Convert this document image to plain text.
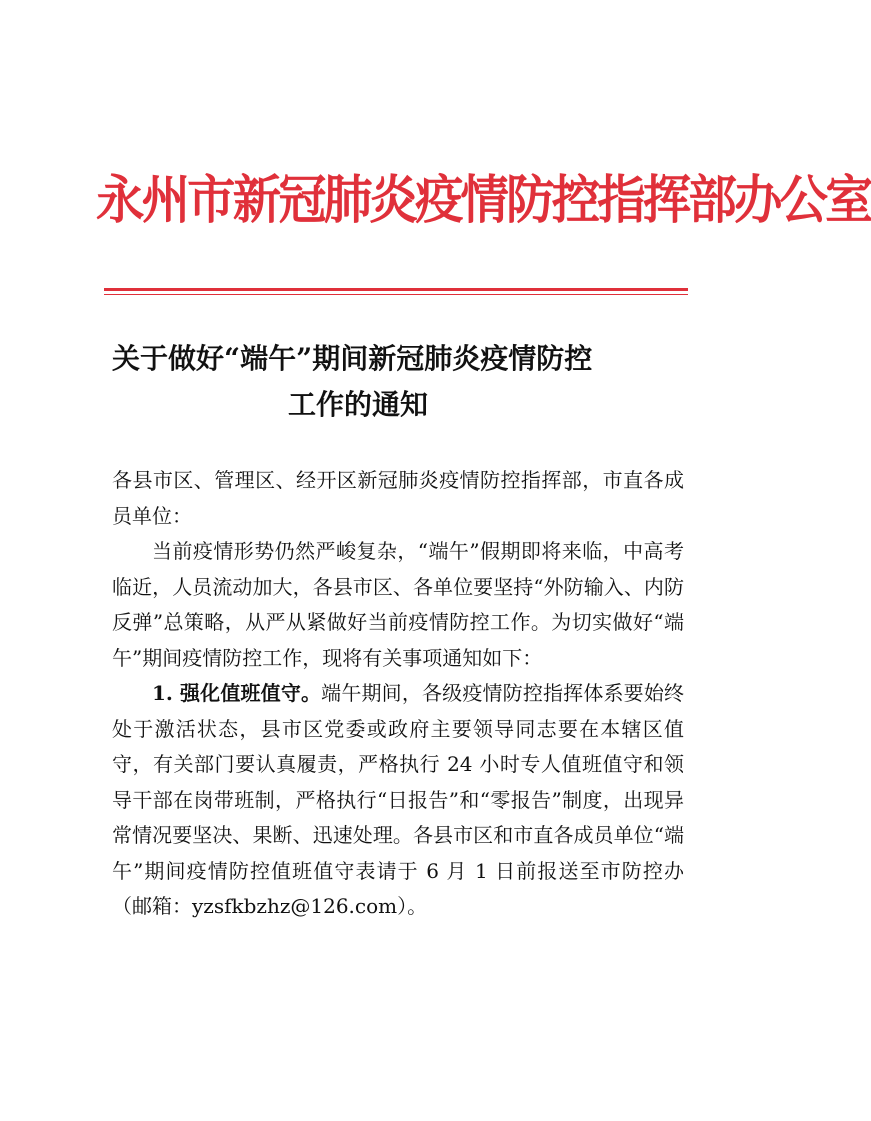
永州市新冠肺炎疫情防控指挥部办公室
关于做好“端午”期间新冠肺炎疫情防控
工作的通知

各县市区、管理区、经开区新冠肺炎疫情防控指挥部，市直各成员单位：

当前疫情形势仍然严峻复杂，“端午”假期即将来临，中高考临近，人员流动加大，各县市区、各单位要坚持“外防输入、内防反弹”总策略，从严从紧做好当前疫情防控工作。为切实做好“端午”期间疫情防控工作，现将有关事项通知如下：

1. 强化值班值守。端午期间，各级疫情防控指挥体系要始终处于激活状态，县市区党委或政府主要领导同志要在本辖区值守，有关部门要认真履责，严格执行 24 小时专人值班值守和领导干部在岗带班制，严格执行“日报告”和“零报告”制度，出现异常情况要坚决、果断、迅速处理。各县市区和市直各成员单位“端午”期间疫情防控值班值守表请于 6 月 1 日前报送至市防控办（邮箱：yzsfkbzhz@126.com）。
